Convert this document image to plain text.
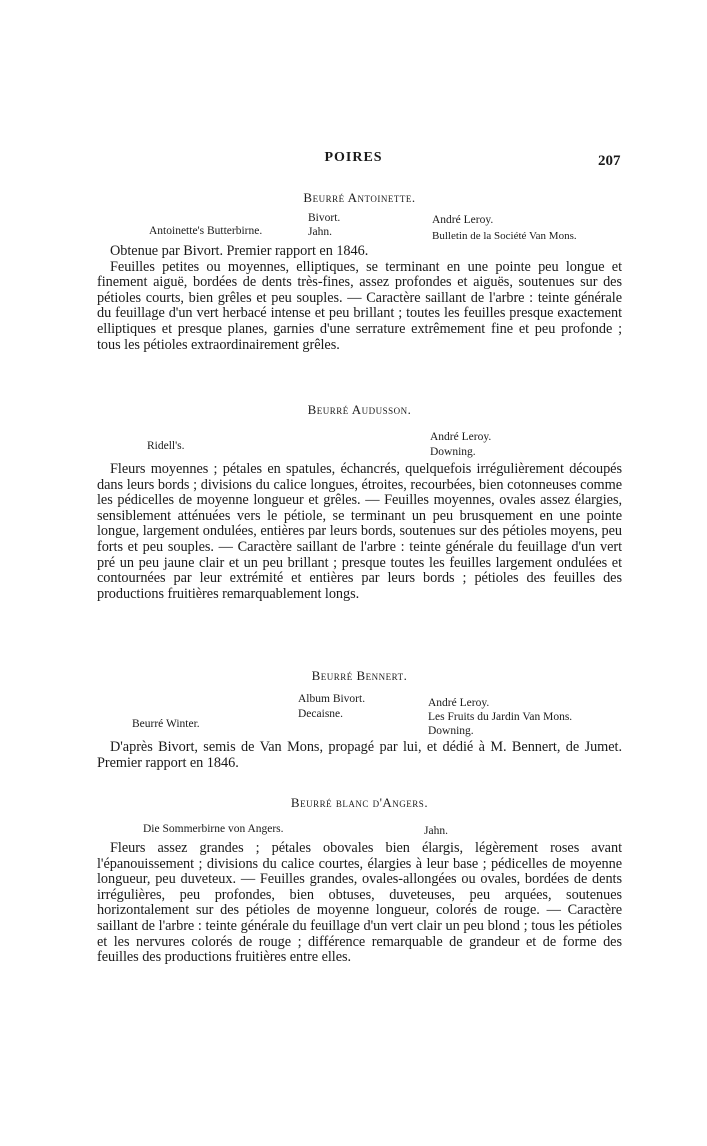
POIRES	207
Beurré Antoinette.
Antoinette's Butterbirne.
Bivort.
Jahn.
André Leroy.
Bulletin de la Société Van Mons.

Obtenue par Bivort. Premier rapport en 1846.

Feuilles petites ou moyennes, elliptiques, se terminant en une pointe peu longue et finement aiguë, bordées de dents très-fines, assez profondes et aiguës, soutenues sur des pétioles courts, bien grêles et peu souples. — Caractère saillant de l'arbre : teinte générale du feuillage d'un vert herbacé intense et peu brillant ; toutes les feuilles presque exactement elliptiques et presque planes, garnies d'une serrature extrêmement fine et peu profonde ; tous les pétioles extraordinairement grêles.

Beurré Audusson.
Ridell's.
André Leroy.
Downing.

Fleurs moyennes ; pétales en spatules, échancrés, quelquefois irrégulièrement découpés dans leurs bords ; divisions du calice longues, étroites, recourbées, bien cotonneuses comme les pédicelles de moyenne longueur et grêles. — Feuilles moyennes, ovales assez élargies, sensiblement atténuées vers le pétiole, se terminant un peu brusquement en une pointe longue, largement ondulées, entières par leurs bords, soutenues sur des pétioles moyens, peu forts et peu souples. — Caractère saillant de l'arbre : teinte générale du feuillage d'un vert pré un peu jaune clair et un peu brillant ; presque toutes les feuilles largement ondulées et contournées par leur extrémité et entières par leurs bords ; pétioles des feuilles des productions fruitières remarquablement longs.

Beurré Bennert.
Beurré Winter.
Album Bivort.
Decaisne.
André Leroy.
Les Fruits du Jardin Van Mons.
Downing.

D'après Bivort, semis de Van Mons, propagé par lui, et dédié à M. Bennert, de Jumet. Premier rapport en 1846.

Beurré blanc d'Angers.
Die Sommerbirne von Angers.	Jahn.

Fleurs assez grandes ; pétales obovales bien élargis, légèrement roses avant l'épanouissement ; divisions du calice courtes, élargies à leur base ; pédicelles de moyenne longueur, peu duveteux. — Feuilles grandes, ovales-allongées ou ovales, bordées de dents irrégulières, peu profondes, bien obtuses, duveteuses, peu arquées, soutenues horizontalement sur des pétioles de moyenne longueur, colorés de rouge. — Caractère saillant de l'arbre : teinte générale du feuillage d'un vert clair un peu blond ; tous les pétioles et les nervures colorés de rouge ; différence remarquable de grandeur et de forme des feuilles des productions fruitières entre elles.
